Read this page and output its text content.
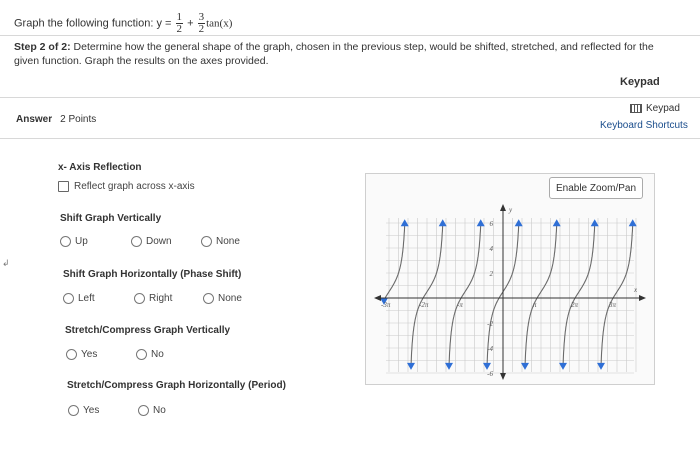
Graph the following function: $y = \frac{1}{2} + \frac{3}{2} \tan(x)$
Step 2 of 2: Determine how the general shape of the graph, chosen in the previous step, would be shifted, stretched, and reflected for the given function. Graph the results on the axes provided.
Keypad
Keypad
Keyboard Shortcuts
Answer 2 Points
↲
x- Axis Reflection
Reflect graph across x-axis
Shift Graph Vertically
Up	Down	None
Shift Graph Horizontally (Phase Shift)
Left	Right	None
Stretch/Compress Graph Vertically
Yes	No
Stretch/Compress Graph Horizontally (Period)
Yes	No
Enable Zoom/Pan
x
y
-3π	-2π	-π	π	2π	3π
6
4
2
-2
-4
-6
